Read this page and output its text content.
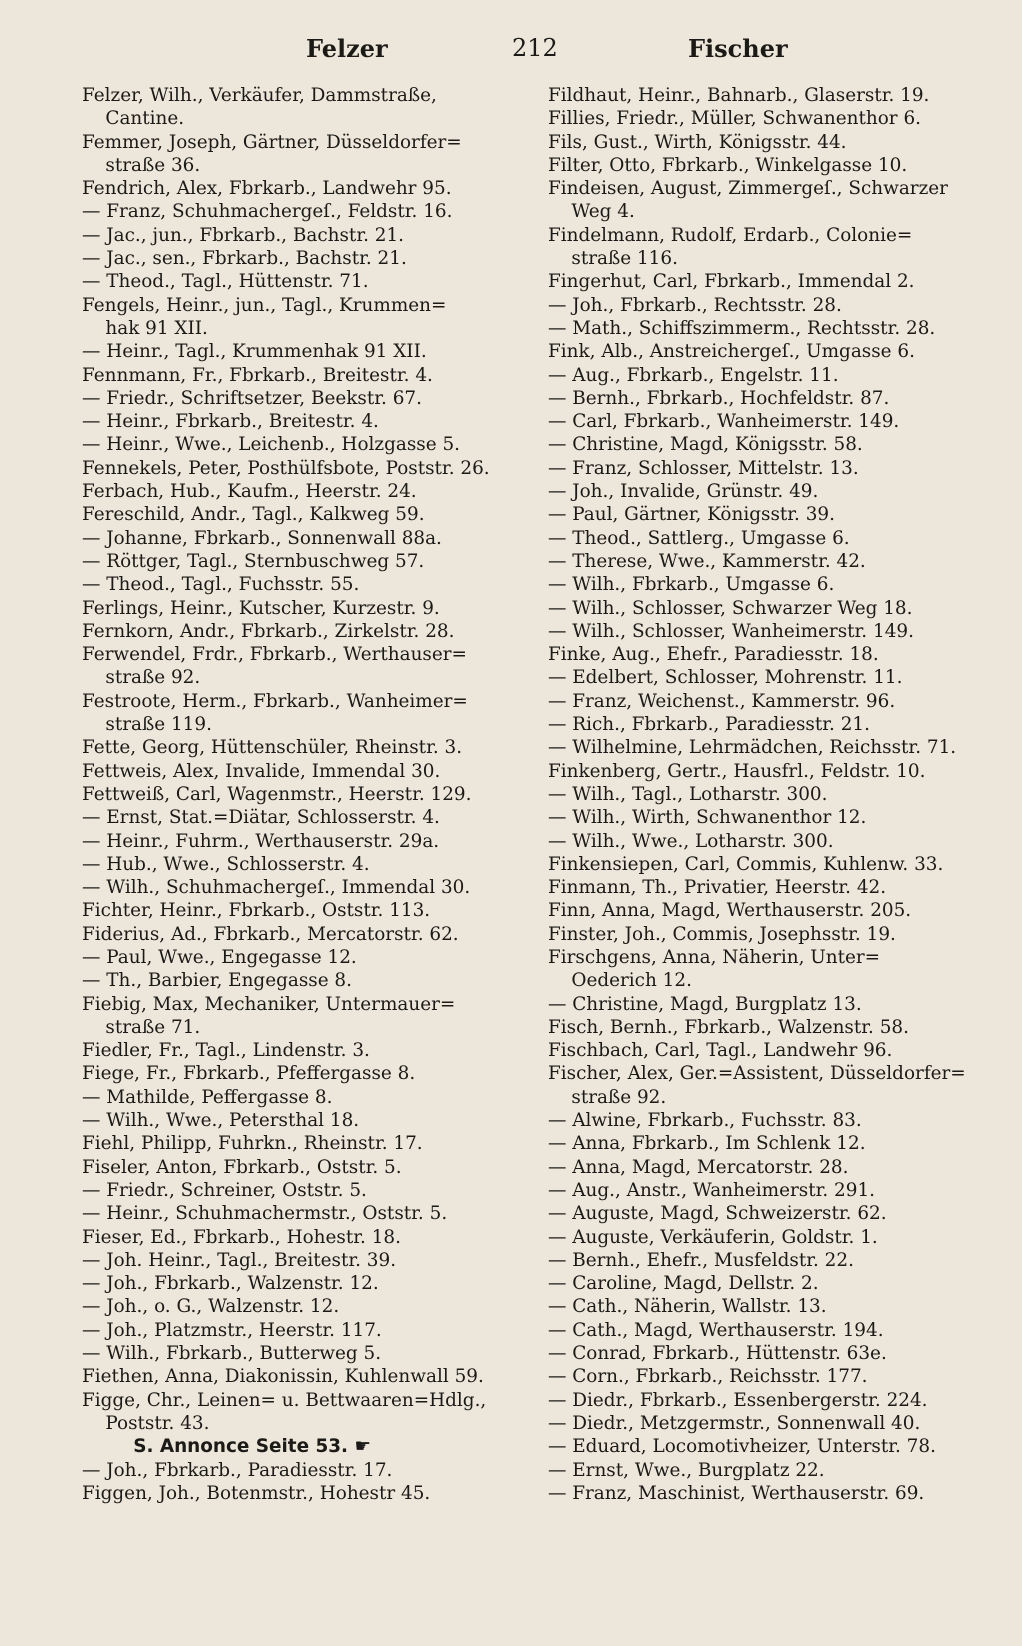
Felzer	212	Fischer
Felzer, Wilh., Verkäufer, Dammstraße,
Cantine.
Femmer, Joseph, Gärtner, Düsseldorfer=
straße 36.
Fendrich, Alex, Fbrkarb., Landwehr 95.
— Franz, Schuhmachergeſ., Feldstr. 16.
— Jac., jun., Fbrkarb., Bachstr. 21.
— Jac., sen., Fbrkarb., Bachstr. 21.
— Theod., Tagl., Hüttenstr. 71.
Fengels, Heinr., jun., Tagl., Krummen=
hak 91 XII.
— Heinr., Tagl., Krummenhak 91 XII.
Fennmann, Fr., Fbrkarb., Breitestr. 4.
— Friedr., Schriftsetzer, Beekstr. 67.
— Heinr., Fbrkarb., Breitestr. 4.
— Heinr., Wwe., Leichenb., Holzgasse 5.
Fennekels, Peter, Posthülfsbote, Poststr. 26.
Ferbach, Hub., Kaufm., Heerstr. 24.
Fereschild, Andr., Tagl., Kalkweg 59.
— Johanne, Fbrkarb., Sonnenwall 88a.
— Röttger, Tagl., Sternbuschweg 57.
— Theod., Tagl., Fuchsstr. 55.
Ferlings, Heinr., Kutscher, Kurzestr. 9.
Fernkorn, Andr., Fbrkarb., Zirkelstr. 28.
Ferwendel, Frdr., Fbrkarb., Werthauser=
straße 92.
Festroote, Herm., Fbrkarb., Wanheimer=
straße 119.
Fette, Georg, Hüttenschüler, Rheinstr. 3.
Fettweis, Alex, Invalide, Immendal 30.
Fettweiß, Carl, Wagenmstr., Heerstr. 129.
— Ernst, Stat.=Diätar, Schlosserstr. 4.
— Heinr., Fuhrm., Werthauserstr. 29a.
— Hub., Wwe., Schlosserstr. 4.
— Wilh., Schuhmachergeſ., Immendal 30.
Fichter, Heinr., Fbrkarb., Oststr. 113.
Fiderius, Ad., Fbrkarb., Mercatorstr. 62.
— Paul, Wwe., Engegasse 12.
— Th., Barbier, Engegasse 8.
Fiebig, Max, Mechaniker, Untermauer=
straße 71.
Fiedler, Fr., Tagl., Lindenstr. 3.
Fiege, Fr., Fbrkarb., Pfeffergasse 8.
— Mathilde, Peffergasse 8.
— Wilh., Wwe., Petersthal 18.
Fiehl, Philipp, Fuhrkn., Rheinstr. 17.
Fiseler, Anton, Fbrkarb., Oststr. 5.
— Friedr., Schreiner, Oststr. 5.
— Heinr., Schuhmachermstr., Oststr. 5.
Fieser, Ed., Fbrkarb., Hohestr. 18.
— Joh. Heinr., Tagl., Breitestr. 39.
— Joh., Fbrkarb., Walzenstr. 12.
— Joh., o. G., Walzenstr. 12.
— Joh., Platzmstr., Heerstr. 117.
— Wilh., Fbrkarb., Butterweg 5.
Fiethen, Anna, Diakonissin, Kuhlenwall 59.
Figge, Chr., Leinen= u. Bettwaaren=Hdlg.,
Poststr. 43.
S. Annonce Seite 53. ☛
— Joh., Fbrkarb., Paradiesstr. 17.
Figgen, Joh., Botenmstr., Hohestr 45.
Fildhaut, Heinr., Bahnarb., Glaserstr. 19.
Fillies, Friedr., Müller, Schwanenthor 6.
Fils, Gust., Wirth, Königsstr. 44.
Filter, Otto, Fbrkarb., Winkelgasse 10.
Findeisen, August, Zimmergeſ., Schwarzer
Weg 4.
Findelmann, Rudolf, Erdarb., Colonie=
straße 116.
Fingerhut, Carl, Fbrkarb., Immendal 2.
— Joh., Fbrkarb., Rechtsstr. 28.
— Math., Schiffszimmerm., Rechtsstr. 28.
Fink, Alb., Anstreichergeſ., Umgasse 6.
— Aug., Fbrkarb., Engelstr. 11.
— Bernh., Fbrkarb., Hochfeldstr. 87.
— Carl, Fbrkarb., Wanheimerstr. 149.
— Christine, Magd, Königsstr. 58.
— Franz, Schlosser, Mittelstr. 13.
— Joh., Invalide, Grünstr. 49.
— Paul, Gärtner, Königsstr. 39.
— Theod., Sattlerg., Umgasse 6.
— Therese, Wwe., Kammerstr. 42.
— Wilh., Fbrkarb., Umgasse 6.
— Wilh., Schlosser, Schwarzer Weg 18.
— Wilh., Schlosser, Wanheimerstr. 149.
Finke, Aug., Ehefr., Paradiesstr. 18.
— Edelbert, Schlosser, Mohrenstr. 11.
— Franz, Weichenst., Kammerstr. 96.
— Rich., Fbrkarb., Paradiesstr. 21.
— Wilhelmine, Lehrmädchen, Reichsstr. 71.
Finkenberg, Gertr., Hausfrl., Feldstr. 10.
— Wilh., Tagl., Lotharstr. 300.
— Wilh., Wirth, Schwanenthor 12.
— Wilh., Wwe., Lotharstr. 300.
Finkensiepen, Carl, Commis, Kuhlenw. 33.
Finmann, Th., Privatier, Heerstr. 42.
Finn, Anna, Magd, Werthauserstr. 205.
Finster, Joh., Commis, Josephsstr. 19.
Firschgens, Anna, Näherin, Unter=
Oederich 12.
— Christine, Magd, Burgplatz 13.
Fisch, Bernh., Fbrkarb., Walzenstr. 58.
Fischbach, Carl, Tagl., Landwehr 96.
Fischer, Alex, Ger.=Assistent, Düsseldorfer=
straße 92.
— Alwine, Fbrkarb., Fuchsstr. 83.
— Anna, Fbrkarb., Im Schlenk 12.
— Anna, Magd, Mercatorstr. 28.
— Aug., Anstr., Wanheimerstr. 291.
— Auguste, Magd, Schweizerstr. 62.
— Auguste, Verkäuferin, Goldstr. 1.
— Bernh., Ehefr., Musfeldstr. 22.
— Caroline, Magd, Dellstr. 2.
— Cath., Näherin, Wallstr. 13.
— Cath., Magd, Werthauserstr. 194.
— Conrad, Fbrkarb., Hüttenstr. 63e.
— Corn., Fbrkarb., Reichsstr. 177.
— Diedr., Fbrkarb., Essenbergerstr. 224.
— Diedr., Metzgermstr., Sonnenwall 40.
— Eduard, Locomotivheizer, Unterstr. 78.
— Ernst, Wwe., Burgplatz 22.
— Franz, Maschinist, Werthauserstr. 69.
